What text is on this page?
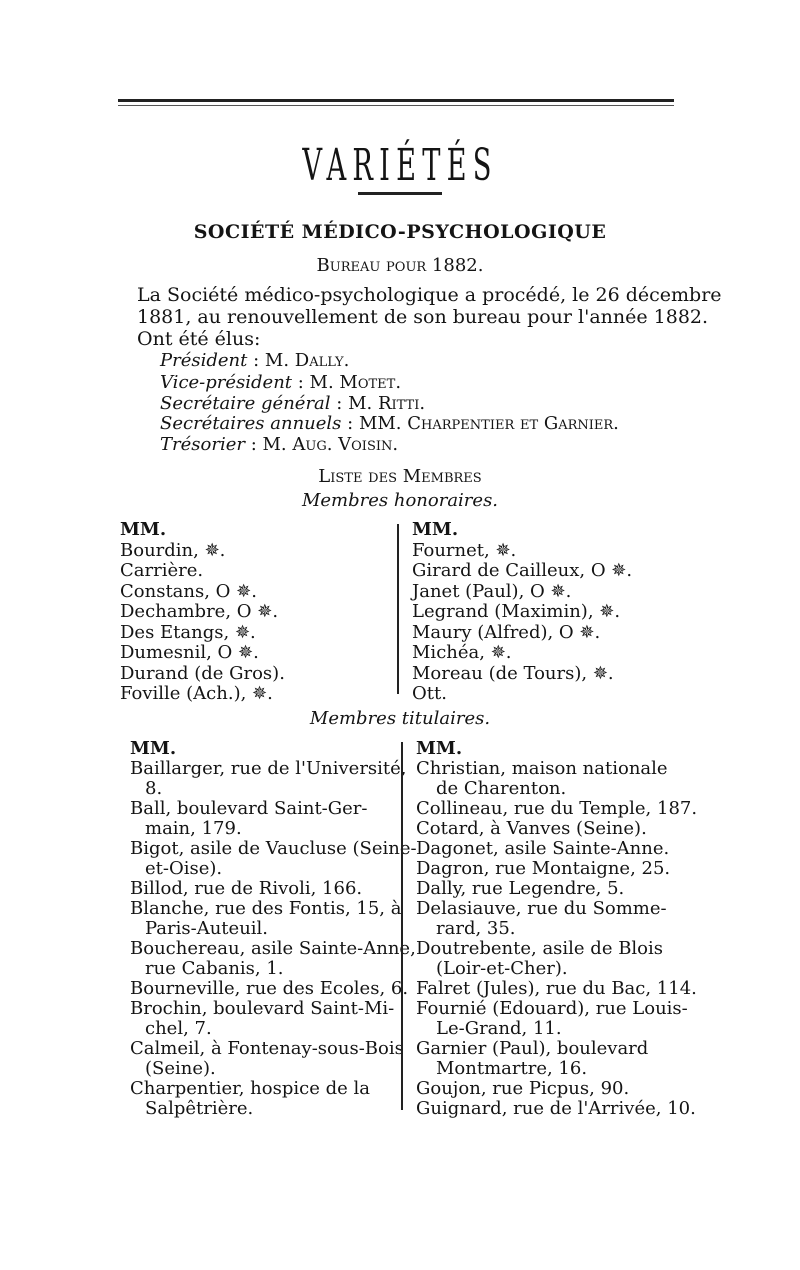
VARIÉTÉS
SOCIÉTÉ MÉDICO-PSYCHOLOGIQUE
Bureau pour 1882.
La Société médico-psychologique a procédé, le 26 décembre
1881, au renouvellement de son bureau pour l'année 1882.
Ont été élus:
Président : M. Dally.
Vice-président : M. Motet.
Secrétaire général : M. Ritti.
Secrétaires annuels : MM. Charpentier et Garnier.
Trésorier : M. Aug. Voisin.
Liste des Membres
Membres honoraires.
MM.
Bourdin, ✵.
Carrière.
Constans, O ✵.
Dechambre, O ✵.
Des Etangs, ✵.
Dumesnil, O ✵.
Durand (de Gros).
Foville (Ach.), ✵.
MM.
Fournet, ✵.
Girard de Cailleux, O ✵.
Janet (Paul), O ✵.
Legrand (Maximin), ✵.
Maury (Alfred), O ✵.
Michéa, ✵.
Moreau (de Tours), ✵.
Ott.
Membres titulaires.
MM.
Baillarger, rue de l'Université,
8.
Ball, boulevard Saint-Ger-
main, 179.
Bigot, asile de Vaucluse (Seine-
et-Oise).
Billod, rue de Rivoli, 166.
Blanche, rue des Fontis, 15, à
Paris-Auteuil.
Bouchereau, asile Sainte-Anne,
rue Cabanis, 1.
Bourneville, rue des Ecoles, 6.
Brochin, boulevard Saint-Mi-
chel, 7.
Calmeil, à Fontenay-sous-Bois
(Seine).
Charpentier, hospice de la
Salpêtrière.
MM.
Christian, maison nationale
de Charenton.
Collineau, rue du Temple, 187.
Cotard, à Vanves (Seine).
Dagonet, asile Sainte-Anne.
Dagron, rue Montaigne, 25.
Dally, rue Legendre, 5.
Delasiauve, rue du Somme-
rard, 35.
Doutrebente, asile de Blois
(Loir-et-Cher).
Falret (Jules), rue du Bac, 114.
Fournié (Edouard), rue Louis-
Le-Grand, 11.
Garnier (Paul), boulevard
Montmartre, 16.
Goujon, rue Picpus, 90.
Guignard, rue de l'Arrivée, 10.
